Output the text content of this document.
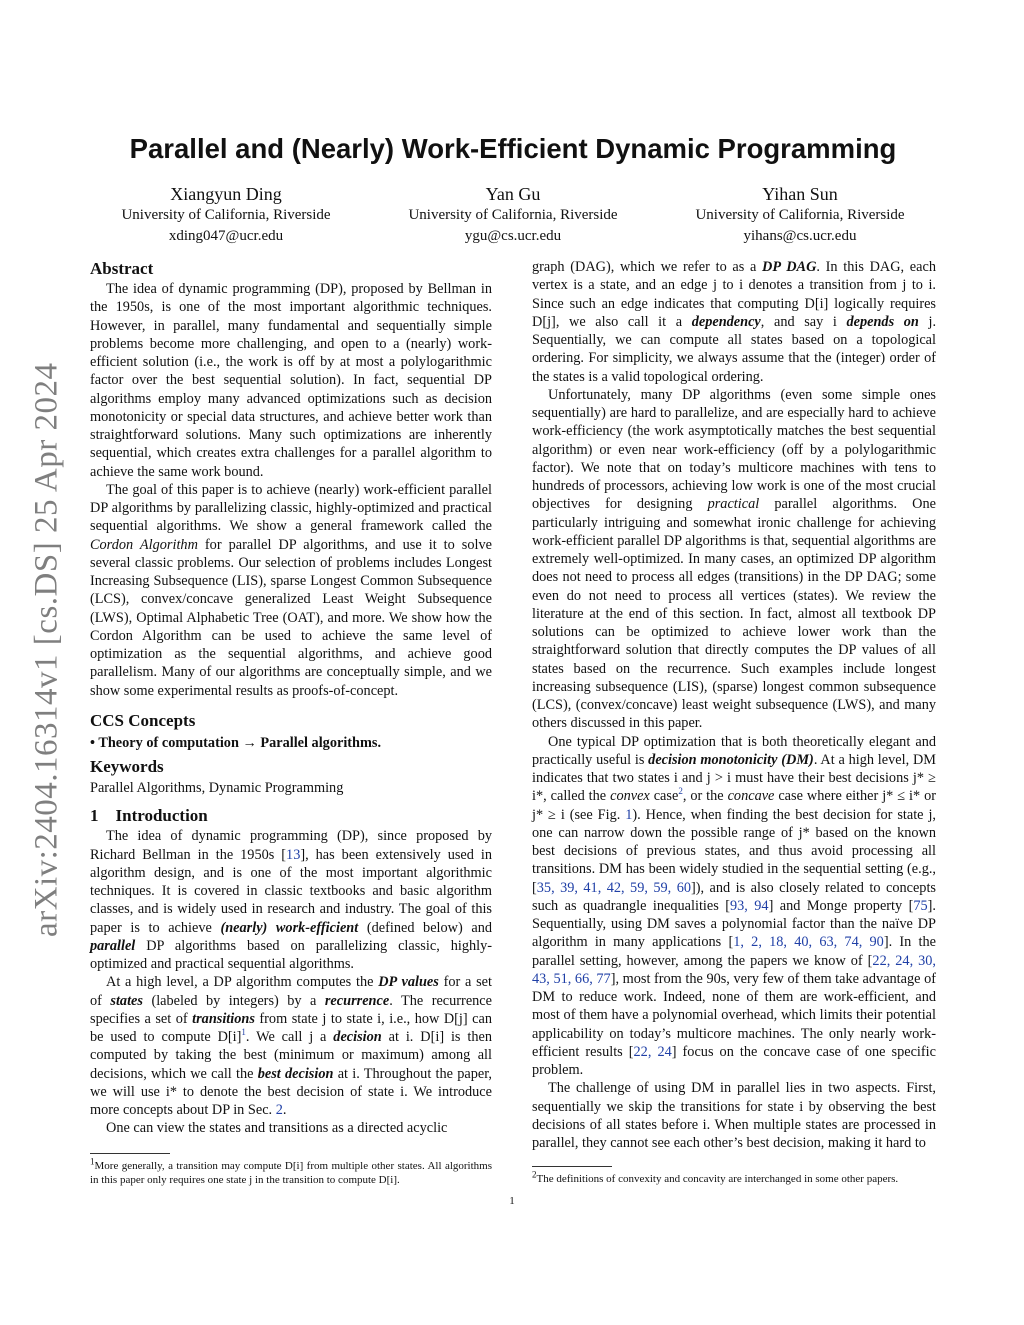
arXiv:2404.16314v1 [cs.DS] 25 Apr 2024
Parallel and (Nearly) Work-Efficient Dynamic Programming
Xiangyun Ding
University of California, Riverside
xding047@ucr.edu
Yan Gu
University of California, Riverside
ygu@cs.ucr.edu
Yihan Sun
University of California, Riverside
yihans@cs.ucr.edu
Abstract

The idea of dynamic programming (DP), proposed by Bellman in the 1950s, is one of the most important algorithmic techniques. However, in parallel, many fundamental and sequentially simple problems become more challenging, and open to a (nearly) work-efficient solution (i.e., the work is off by at most a polylogarithmic factor over the best sequential solution). In fact, sequential DP algorithms employ many advanced optimizations such as decision monotonicity or special data structures, and achieve better work than straightforward solutions. Many such optimizations are inherently sequential, which creates extra challenges for a parallel algorithm to achieve the same work bound.

The goal of this paper is to achieve (nearly) work-efficient parallel DP algorithms by parallelizing classic, highly-optimized and practical sequential algorithms. We show a general framework called the Cordon Algorithm for parallel DP algorithms, and use it to solve several classic problems. Our selection of problems includes Longest Increasing Subsequence (LIS), sparse Longest Common Subsequence (LCS), convex/concave generalized Least Weight Subsequence (LWS), Optimal Alphabetic Tree (OAT), and more. We show how the Cordon Algorithm can be used to achieve the same level of optimization as the sequential algorithms, and achieve good parallelism. Many of our algorithms are conceptually simple, and we show some experimental results as proofs-of-concept.

CCS Concepts
• Theory of computation → Parallel algorithms.
Keywords
Parallel Algorithms, Dynamic Programming
1    Introduction

The idea of dynamic programming (DP), since proposed by Richard Bellman in the 1950s [13], has been extensively used in algorithm design, and is one of the most important algorithmic techniques. It is covered in classic textbooks and basic algorithm classes, and is widely used in research and industry. The goal of this paper is to achieve (nearly) work-efficient (defined below) and parallel DP algorithms based on parallelizing classic, highly-optimized and practical sequential algorithms.

At a high level, a DP algorithm computes the DP values for a set of states (labeled by integers) by a recurrence. The recurrence specifies a set of transitions from state j to state i, i.e., how D[j] can be used to compute D[i]$^1$. We call j a decision at i. D[i] is then computed by taking the best (minimum or maximum) among all decisions, which we call the best decision at i. Throughout the paper, we will use i* to denote the best decision of state i. We introduce more concepts about DP in Sec. 2.

One can view the states and transitions as a directed acyclic

graph (DAG), which we refer to as a DP DAG. In this DAG, each vertex is a state, and an edge j to i denotes a transition from j to i. Since such an edge indicates that computing D[i] logically requires D[j], we also call it a dependency, and say i depends on j. Sequentially, we can compute all states based on a topological ordering. For simplicity, we always assume that the (integer) order of the states is a valid topological ordering.

Unfortunately, many DP algorithms (even some simple ones sequentially) are hard to parallelize, and are especially hard to achieve work-efficiency (the work asymptotically matches the best sequential algorithm) or even near work-efficiency (off by a polylogarithmic factor). We note that on today’s multicore machines with tens to hundreds of processors, achieving low work is one of the most crucial objectives for designing practical parallel algorithms. One particularly intriguing and somewhat ironic challenge for achieving work-efficient parallel DP algorithms is that, sequential algorithms are extremely well-optimized. In many cases, an optimized DP algorithm does not need to process all edges (transitions) in the DP DAG; some even do not need to process all vertices (states). We review the literature at the end of this section. In fact, almost all textbook DP solutions can be optimized to achieve lower work than the straightforward solution that directly computes the DP values of all states based on the recurrence. Such examples include longest increasing subsequence (LIS), (sparse) longest common subsequence (LCS), (convex/concave) least weight subsequence (LWS), and many others discussed in this paper.

One typical DP optimization that is both theoretically elegant and practically useful is decision monotonicity (DM). At a high level, DM indicates that two states i and j > i must have their best decisions j* ≥ i*, called the convex case$^2$, or the concave case where either j* ≤ i* or j* ≥ i (see Fig. 1). Hence, when finding the best decision for state j, one can narrow down the possible range of j* based on the known best decisions of previous states, and thus avoid processing all transitions. DM has been widely studied in the sequential setting (e.g., [35, 39, 41, 42, 59, 59, 60]), and is also closely related to concepts such as quadrangle inequalities [93, 94] and Monge property [75]. Sequentially, using DM saves a polynomial factor than the naïve DP algorithm in many applications [1, 2, 18, 40, 63, 74, 90]. In the parallel setting, however, among the papers we know of [22, 24, 30, 43, 51, 66, 77], most from the 90s, very few of them take advantage of DM to reduce work. Indeed, none of them are work-efficient, and most of them have a polynomial overhead, which limits their potential applicability on today’s multicore machines. The only nearly work-efficient results [22, 24] focus on the concave case of one specific problem.

The challenge of using DM in parallel lies in two aspects. First, sequentially we skip the transitions for state i by observing the best decisions of all states before i. When multiple states are processed in parallel, they cannot see each other’s best decision, making it hard to

$^1$More generally, a transition may compute D[i] from multiple other states. All algorithms in this paper only requires one state j in the transition to compute D[i].	$^2$The definitions of convexity and concavity are interchanged in some other papers.
1
